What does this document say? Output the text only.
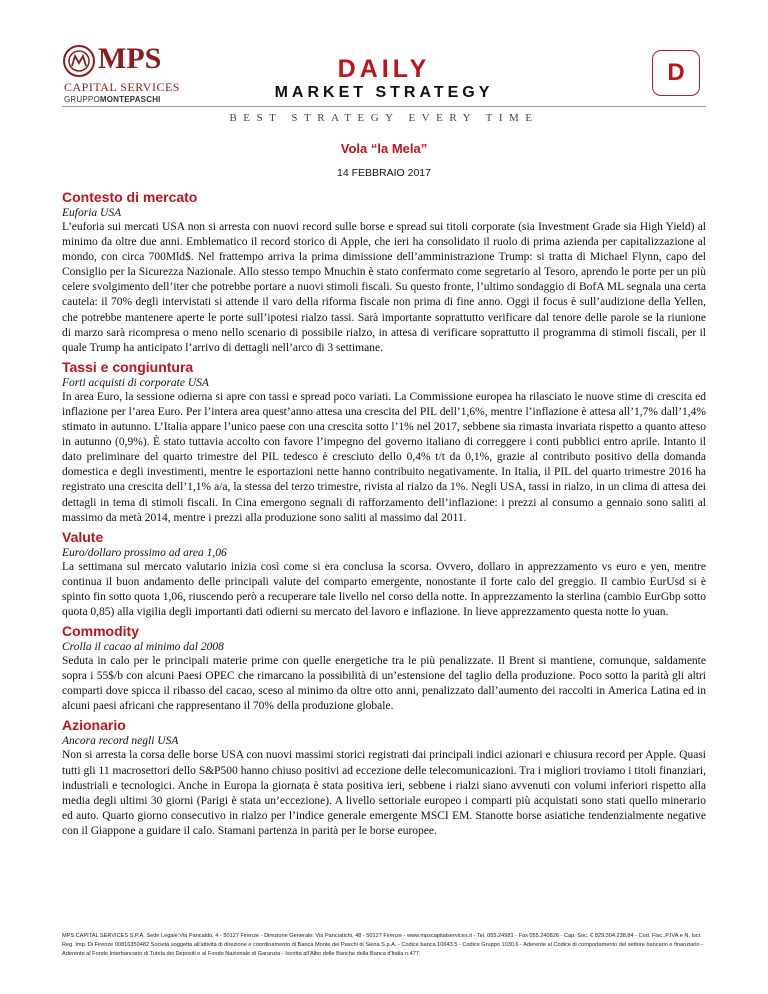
MPS
CAPITAL SERVICES
GRUPPOMONTEPASCHI
DAILY
MARKET STRATEGY
D
BEST STRATEGY EVERY TIME
Vola “la Mela”
14 FEBBRAIO 2017
Contesto di mercato

Euforia USA

L’euforia sui mercati USA non si arresta con nuovi record sulle borse e spread sui titoli corporate (sia Investment Grade sia High Yield) al minimo da oltre due anni. Emblematico il record storico di Apple, che ieri ha consolidato il ruolo di prima azienda per capitalizzazione al mondo, con circa 700Mld$. Nel frattempo arriva la prima dimissione dell’amministrazione Trump: si tratta di Michael Flynn, capo del Consiglio per la Sicurezza Nazionale. Allo stesso tempo Mnuchin è stato confermato come segretario al Tesoro, aprendo le porte per un più celere svolgimento dell’iter che potrebbe portare a nuovi stimoli fiscali. Su questo fronte, l’ultimo sondaggio di BofA ML segnala una certa cautela: il 70% degli intervistati si attende il varo della riforma fiscale non prima di fine anno. Oggi il focus è sull’audizione della Yellen, che potrebbe mantenere aperte le porte sull’ipotesi rialzo tassi. Sarà importante soprattutto verificare dal tenore delle parole se la riunione di marzo sarà ricompresa o meno nello scenario di possibile rialzo, in attesa di verificare soprattutto il programma di stimoli fiscali, per il quale Trump ha anticipato l’arrivo di dettagli nell’arco di 3 settimane.

Tassi e congiuntura

Forti acquisti di corporate USA

In area Euro, la sessione odierna si apre con tassi e spread poco variati. La Commissione europea ha rilasciato le nuove stime di crescita ed inflazione per l’area Euro. Per l’intera area quest’anno attesa una crescita del PIL dell’1,6%, mentre l’inflazione è attesa all’1,7% dall’1,4% stimato in autunno. L’Italia appare l’unico paese con una crescita sotto l’1% nel 2017, sebbene sia rimasta invariata rispetto a quanto atteso in autunno (0,9%). È stato tuttavia accolto con favore l’impegno del governo italiano di correggere i conti pubblici entro aprile. Intanto il dato preliminare del quarto trimestre del PIL tedesco è cresciuto dello 0,4% t/t da 0,1%, grazie al contributo positivo della domanda domestica e degli investimenti, mentre le esportazioni nette hanno contribuito negativamente. In Italia, il PIL del quarto trimestre 2016 ha registrato una crescita dell’1,1% a/a, la stessa del terzo trimestre, rivista al rialzo da 1%. Negli USA, tassi in rialzo, in un clima di attesa dei dettagli in tema di stimoli fiscali. In Cina emergono segnali di rafforzamento dell’inflazione: i prezzi al consumo a gennaio sono saliti al massimo da metà 2014, mentre i prezzi alla produzione sono saliti al massimo dal 2011.

Valute

Euro/dollaro prossimo ad area 1,06

La settimana sul mercato valutario inizia così come si era conclusa la scorsa. Ovvero, dollaro in apprezzamento vs euro e yen, mentre continua il buon andamento delle principali valute del comparto emergente, nonostante il forte calo del greggio. Il cambio EurUsd si è spinto fin sotto quota 1,06, riuscendo però a recuperare tale livello nel corso della notte. In apprezzamento la sterlina (cambio EurGbp sotto quota 0,85) alla vigilia degli importanti dati odierni su mercato del lavoro e inflazione. In lieve apprezzamento questa notte lo yuan.

Commodity

Crolla il cacao al minimo dal 2008

Seduta in calo per le principali materie prime con quelle energetiche tra le più penalizzate. Il Brent si mantiene, comunque, saldamente sopra i 55$/b con alcuni Paesi OPEC che rimarcano la possibilità di un’estensione del taglio della produzione. Poco sotto la parità gli altri comparti dove spicca il ribasso del cacao, sceso al minimo da oltre otto anni, penalizzato dall’aumento dei raccolti in America Latina ed in alcuni paesi africani che rappresentano il 70% della produzione globale.

Azionario

Ancora record negli USA

Non si arresta la corsa delle borse USA con nuovi massimi storici registrati dai principali indici azionari e chiusura record per Apple. Quasi tutti gli 11 macrosettori dello S&P500 hanno chiuso positivi ad eccezione delle telecomunicazioni. Tra i migliori troviamo i titoli finanziari, industriali e tecnologici. Anche in Europa la giornata è stata positiva ieri, sebbene i rialzi siano avvenuti con volumi inferiori rispetto alla media degli ultimi 30 giorni (Parigi è stata un’eccezione). A livello settoriale europeo i comparti più acquistati sono stati quello minerario ed auto. Quarto giorno consecutivo in rialzo per l’indice generale emergente MSCI EM. Stanotte borse asiatiche tendenzialmente negative con il Giappone a guidare il calo. Stamani partenza in parità per le borse europee.

MPS CAPITAL SERVICES S.P.A. Sede Legale:Via Pancaldo, 4 - 50127 Firenze - Direzione Generale: Via Panciatichi, 48 - 50127 Firenze - www.mpscapitalservices.it - Tel. 055.24981 - Fax 055.240826 - Cap. Soc. € 829.304.238,84 - Cod. Fisc.,P.IVA e N. Iscr. Reg. Imp. Di Firenze 00816350482 Società soggetta all'attività di direzione e coordinamento di Banca Monte dei Paschi di Siena S.p.A. - Codice banca 10643.5 - Codice Gruppo 1030.6 - Aderente al Codice di comportamento del settore bancario e finanziario - Aderente al Fondo Interbancario di Tutela dei Depositi e al Fondo Nazionale di Garanzia - Iscritta all'Albo delle Banche della Banca d'Italia n.477.
